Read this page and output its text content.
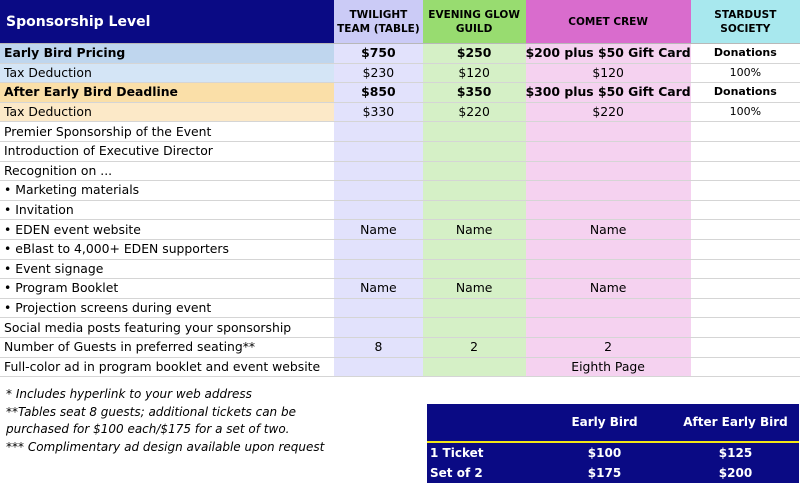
Sponsorship Level	TWILIGHT TEAM (TABLE)	EVENING GLOW GUILD	COMET CREW	STARDUST SOCIETY
Early Bird Pricing	$750	$250	$200 plus $50 Gift Card	Donations
Tax Deduction	$230	$120	$120	100%
After Early Bird Deadline	$850	$350	$300 plus $50 Gift Card	Donations
Tax Deduction	$330	$220	$220	100%
Premier Sponsorship of the Event				
Introduction of Executive Director				
Recognition on ...				
• Marketing materials				
• Invitation				
• EDEN event website	Name	Name	Name	
• eBlast to 4,000+ EDEN supporters				
• Event signage				
• Program Booklet	Name	Name	Name	
• Projection screens during event				
Social media posts featuring your sponsorship				
Number of Guests in preferred seating**	8	2	2	
Full-color ad in program booklet and event website			Eighth Page	
* Includes hyperlink to your web address
**Tables seat 8 guests; additional tickets can be
purchased for $100 each/$175 for a set of two.
*** Complimentary ad design available upon request
	Early Bird	After Early Bird
1 Ticket	$100	$125
Set of 2	$175	$200
